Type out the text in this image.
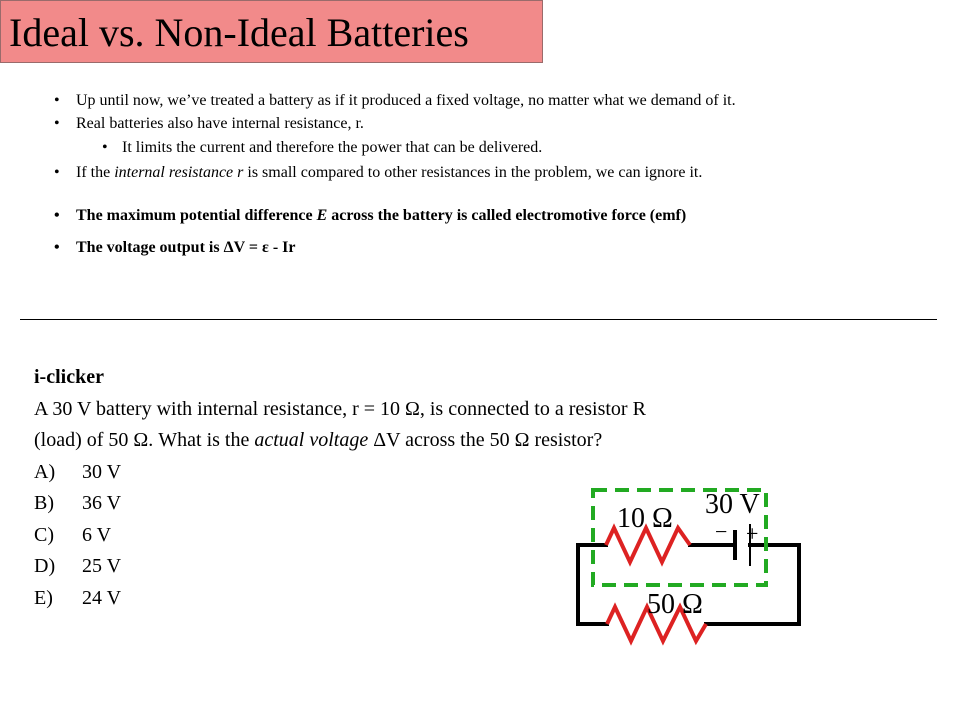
Ideal vs. Non-Ideal Batteries
• Up until now, we’ve treated a battery as if it produced a fixed voltage, no matter what we demand of it.
• Real batteries also have internal resistance, r.
• It limits the current and therefore the power that can be delivered.
• If the internal resistance r is small compared to other resistances in the problem, we can ignore it.
• The maximum potential difference E across the battery is called electromotive force (emf)
• The voltage output is ΔV = ε - Ir
i-clicker
A 30 V battery with internal resistance, r = 10 Ω, is connected to a resistor R
(load) of 50 Ω. What is the actual voltage ΔV across the 50 Ω resistor?
A) 30 V
B) 36 V
C) 6 V
D) 25 V
E) 24 V
10 Ω 30 V
− +
50 Ω
